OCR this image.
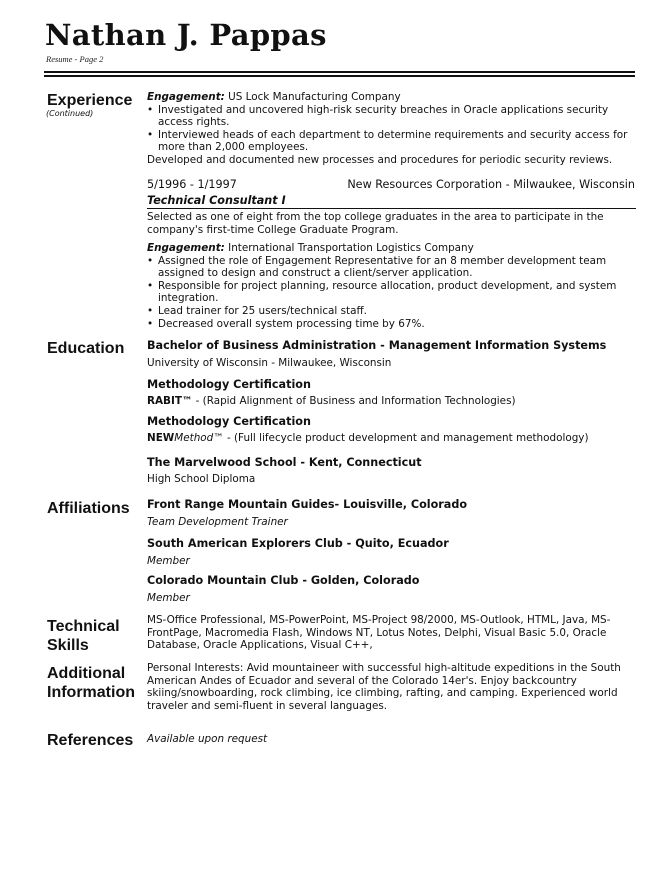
Nathan J. Pappas
Resume - Page 2
Experience
(Continued)
Engagement: US Lock Manufacturing Company
• Investigated and uncovered high-risk security breaches in Oracle applications security access rights.
• Interviewed heads of each department to determine requirements and security access for more than 2,000 employees.
Developed and documented new processes and procedures for periodic security reviews.
5/1996 - 1/1997	New Resources Corporation - Milwaukee, Wisconsin
Technical Consultant I
Selected as one of eight from the top college graduates in the area to participate in the company's first-time College Graduate Program.
Engagement: International Transportation Logistics Company
• Assigned the role of Engagement Representative for an 8 member development team assigned to design and construct a client/server application.
• Responsible for project planning, resource allocation, product development, and system integration.
• Lead trainer for 25 users/technical staff.
• Decreased overall system processing time by 67%.
Education Bachelor of Business Administration - Management Information Systems
University of Wisconsin - Milwaukee, Wisconsin
Methodology Certification
RABIT™ - (Rapid Alignment of Business and Information Technologies)
Methodology Certification
NEWMethod™ - (Full lifecycle product development and management methodology)
The Marvelwood School - Kent, Connecticut
High School Diploma
Affiliations Front Range Mountain Guides- Louisville, Colorado
Team Development Trainer
South American Explorers Club - Quito, Ecuador
Member
Colorado Mountain Club - Golden, Colorado
Member
Technical
Skills
MS-Office Professional, MS-PowerPoint, MS-Project 98/2000, MS-Outlook, HTML, Java, MS-FrontPage, Macromedia Flash, Windows NT, Lotus Notes, Delphi, Visual Basic 5.0, Oracle Database, Oracle Applications, Visual C++,
Additional
Information
Personal Interests: Avid mountaineer with successful high-altitude expeditions in the South American Andes of Ecuador and several of the Colorado 14er's. Enjoy backcountry skiing/snowboarding, rock climbing, ice climbing, rafting, and camping. Experienced world traveler and semi-fluent in several languages.
References Available upon request
